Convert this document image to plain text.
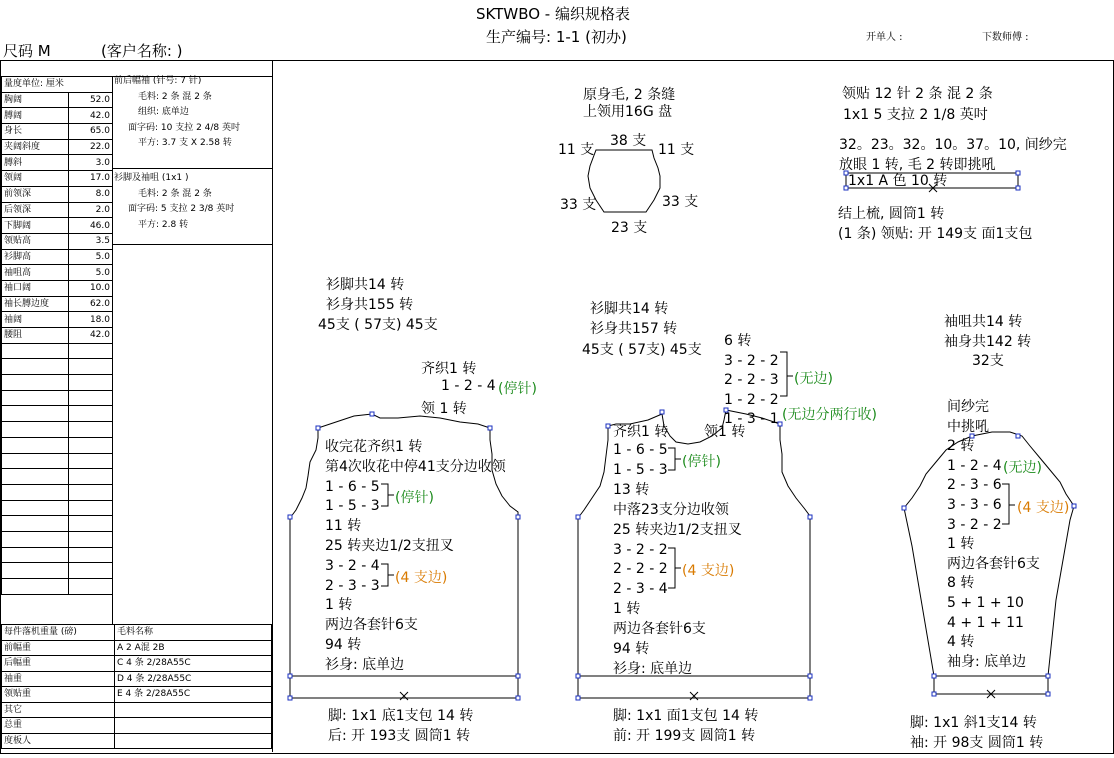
SKTWBO - 编织规格表
生产编号: 1-1 (初办)
尺码 M	(客户名称: )
开单人 :	下数师傅 :
量度单位: 厘米	
胸阔	52.0
膊阔	42.0
身长	65.0
夹阔斜度	22.0
膊斜	3.0
领阔	17.0
前领深	8.0
后领深	2.0
下脚阔	46.0
领贴高	3.5
衫脚高	5.0
袖咀高	5.0
袖口阔	10.0
袖长膊边度	62.0
袖阔	18.0
腰阻	42.0

前后幅袖 (针号: 7 针)
毛料: 2 条 混 2 条
组织: 底单边
面字码: 10 支拉 2 4/8 英吋
平方: 3.7 支 X 2.58 转
衫脚及袖咀 (1x1 )
毛料: 2 条 混 2 条
面字码: 5 支拉 2 3/8 英吋
平方: 2.8 转
每件落机重量 (磅)	毛料名称
前幅重	A 2 A混 2B
后幅重	C 4 条 2/28A55C
袖重	D 4 条 2/28A55C
领贴重	E 4 条 2/28A55C
其它	
总重	
度板人	
原身毛, 2 条缝
上领用16G 盘
38 支
11 支	11 支
33 支	33 支
23 支
领贴 12 针 2 条 混 2 条
1x1 5 支拉 2 1/8 英吋
32。23。32。10。37。10, 间纱完
放眼 1 转, 毛 2 转即挑吼
1x1 A 色 10 转
结上梳, 圆筒1 转
(1 条) 领贴: 开 149支 面1支包
衫脚共14 转
衫身共155 转
45支 ( 57支) 45支
齐织1 转
1 - 2 - 4 (停针)
领 1 转
收完花齐织1 转
第4次收花中停41支分边收领
1 - 6 - 5
1 - 5 - 3
11 转
25 转夹边1/2支扭叉
3 - 2 - 4
2 - 3 - 3
1 转
两边各套针6支
94 转
衫身: 底单边
(停针)
(4 支边)
脚: 1x1 底1支包 14 转
后: 开 193支 圆筒1 转
衫脚共14 转
衫身共157 转
45支 ( 57支) 45支
6 转
3 - 2 - 2
2 - 2 - 3
1 - 2 - 2
1 - 3 - 1
(无边)
(无边分两行收)
齐织1 转	领1 转
1 - 6 - 5
1 - 5 - 3
13 转
中落23支分边收领
25 转夹边1/2支扭叉
3 - 2 - 2
2 - 2 - 2
2 - 3 - 4
1 转
两边各套针6支
94 转
衫身: 底单边
(停针)
(4 支边)
脚: 1x1 面1支包 14 转
前: 开 199支 圆筒1 转
袖咀共14 转
袖身共142 转
32支
间纱完
中挑吼
2 转
1 - 2 - 4
2 - 3 - 6
3 - 3 - 6
3 - 2 - 2
1 转
两边各套针6支
8 转
5 + 1 + 10
4 + 1 + 11
4 转
袖身: 底单边
(无边)
(4 支边)
脚: 1x1 斜1支14 转
袖: 开 98支 圆筒1 转
